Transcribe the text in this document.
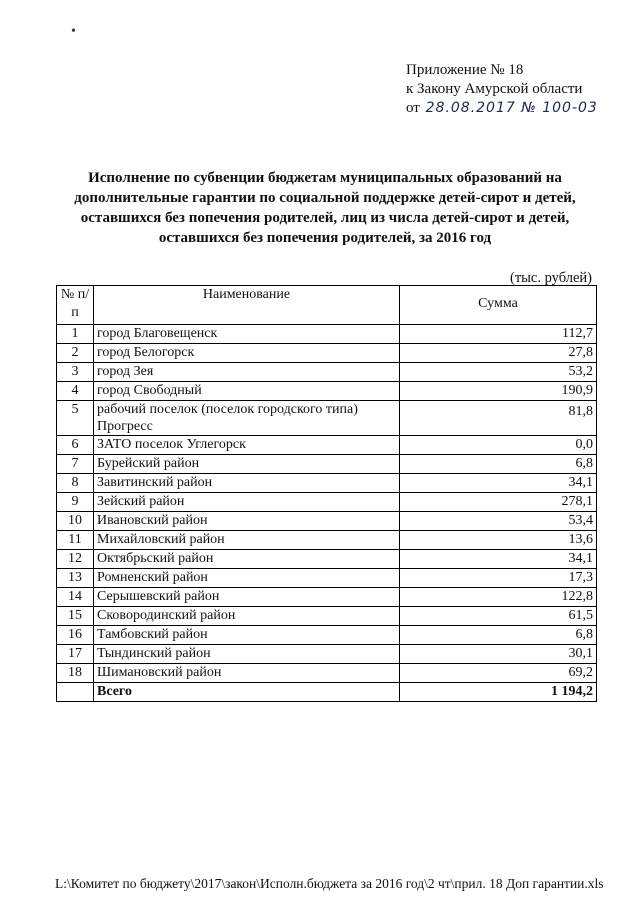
•
Приложение № 18
к Закону Амурской области
от 28.08.2017 № 100-03
Исполнение по субвенции бюджетам муниципальных образований на дополнительные гарантии по социальной поддержке детей-сирот и детей, оставшихся без попечения родителей, лиц из числа детей-сирот и детей, оставшихся без попечения родителей, за 2016 год
(тыс. рублей)
№ п/п	Наименование	Сумма

1	город Благовещенск	112,7
2	город Белогорск	27,8
3	город Зея	53,2
4	город Свободный	190,9
5	рабочий поселок (поселок городского типа) Прогресс	81,8
6	ЗАТО поселок Углегорск	0,0
7	Бурейский район	6,8
8	Завитинский район	34,1
9	Зейский район	278,1
10	Ивановский район	53,4
11	Михайловский район	13,6
12	Октябрьский район	34,1
13	Ромненский район	17,3
14	Серышевский район	122,8
15	Сковородинский район	61,5
16	Тамбовский район	6,8
17	Тындинский район	30,1
18	Шимановский район	69,2
	Всего	1 194,2
L:\Комитет по бюджету\2017\закон\Исполн.бюджета за 2016 год\2 чт\прил. 18 Доп гарантии.xls
